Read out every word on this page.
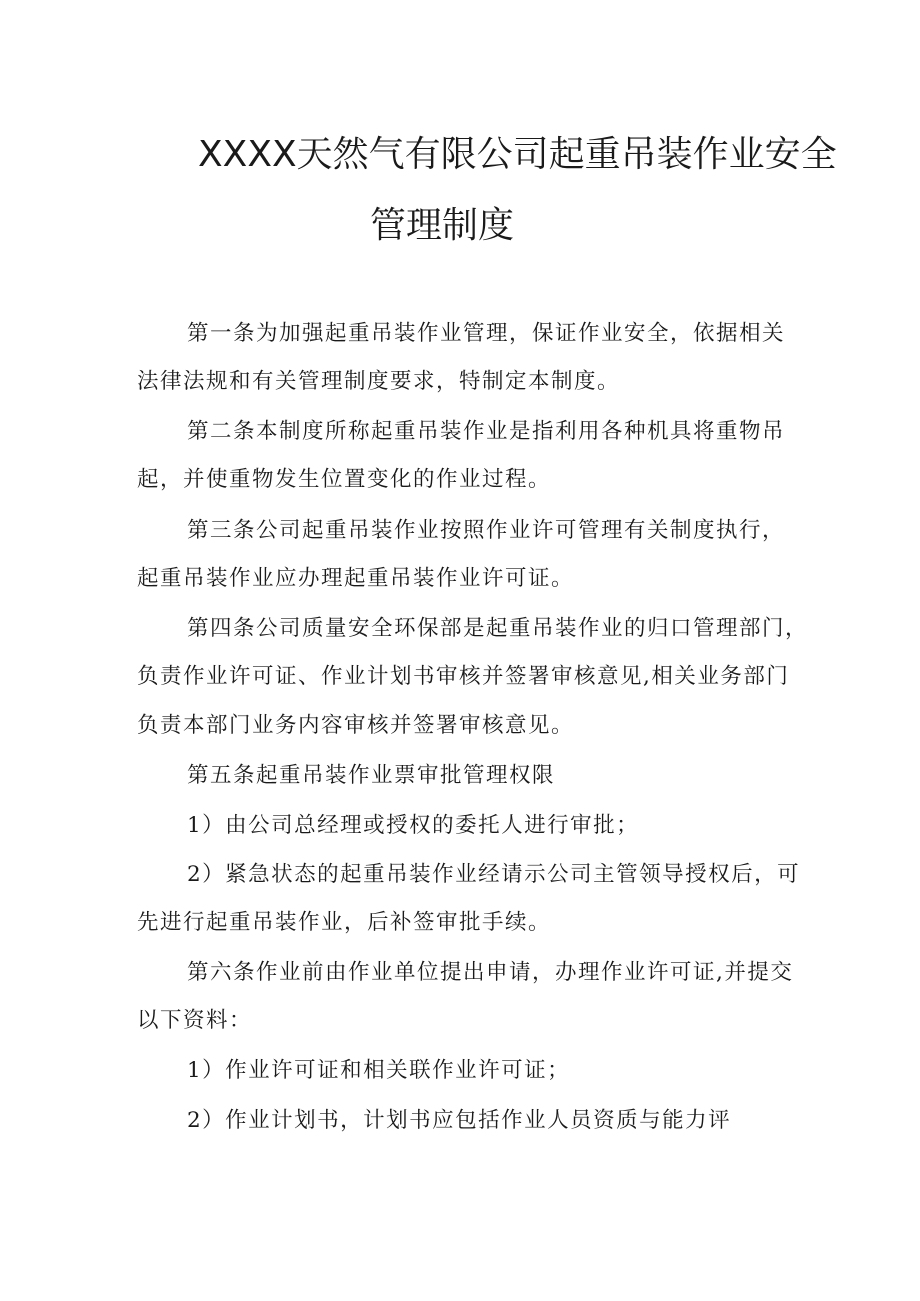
XXXX天然气有限公司起重吊装作业安全
管理制度
第一条为加强起重吊装作业管理，保证作业安全，依据相关
法律法规和有关管理制度要求，特制定本制度。
第二条本制度所称起重吊装作业是指利用各种机具将重物吊
起，并使重物发生位置变化的作业过程。
第三条公司起重吊装作业按照作业许可管理有关制度执行，
起重吊装作业应办理起重吊装作业许可证。
第四条公司质量安全环保部是起重吊装作业的归口管理部门，
负责作业许可证、作业计划书审核并签署审核意见,相关业务部门
负责本部门业务内容审核并签署审核意见。
第五条起重吊装作业票审批管理权限
1）由公司总经理或授权的委托人进行审批；
2）紧急状态的起重吊装作业经请示公司主管领导授权后，可
先进行起重吊装作业，后补签审批手续。
第六条作业前由作业单位提出申请，办理作业许可证,并提交
以下资料：
1）作业许可证和相关联作业许可证；
2）作业计划书，计划书应包括作业人员资质与能力评
